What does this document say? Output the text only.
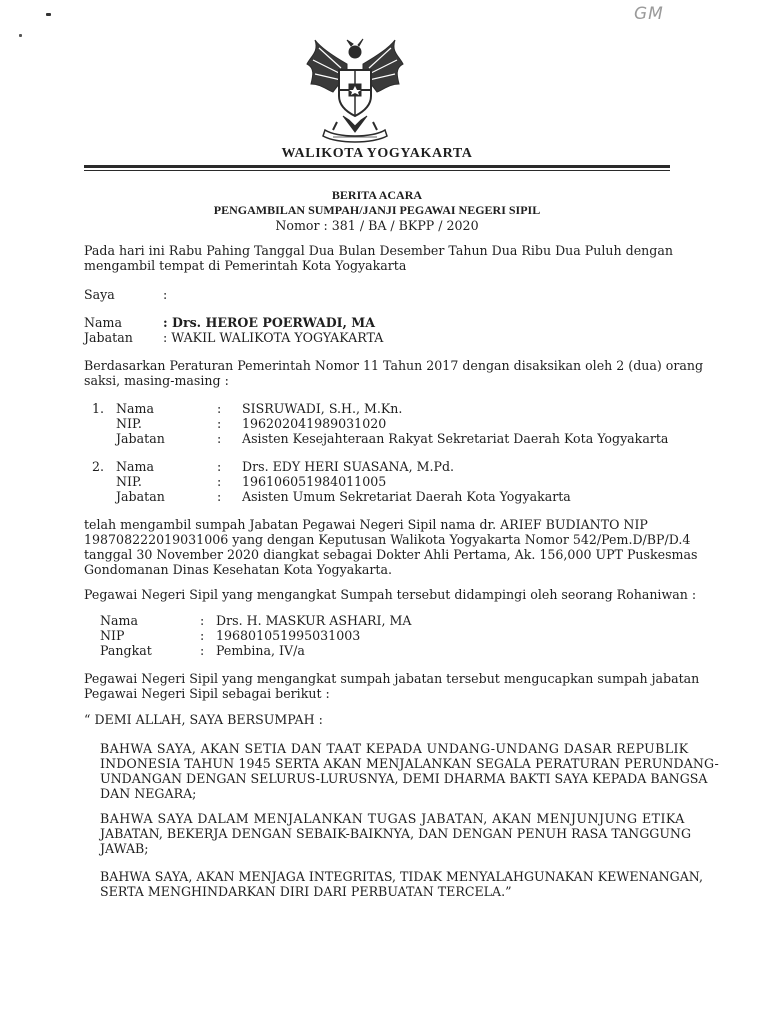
GM
WALIKOTA YOGYAKARTA
BERITA ACARA
PENGAMBILAN SUMPAH/JANJI PEGAWAI NEGERI SIPIL
Nomor : 381 / BA / BKPP / 2020
Pada hari ini Rabu Pahing Tanggal Dua Bulan Desember Tahun Dua Ribu Dua Puluh dengan
mengambil tempat di Pemerintah Kota Yogyakarta
Saya	:
Nama	: Drs. HEROE POERWADI, MA
Jabatan : WAKIL WALIKOTA YOGYAKARTA
Berdasarkan Peraturan Pemerintah Nomor 11 Tahun 2017 dengan disaksikan oleh 2 (dua) orang
saksi, masing-masing :
1. Nama	: SISRUWADI, S.H., M.Kn.
NIP.	: 196202041989031020
Jabatan	: Asisten Kesejahteraan Rakyat Sekretariat Daerah Kota Yogyakarta
2. Nama	: Drs. EDY HERI SUASANA, M.Pd.
NIP.	: 196106051984011005
Jabatan	: Asisten Umum Sekretariat Daerah Kota Yogyakarta
telah mengambil sumpah Jabatan Pegawai Negeri Sipil nama dr. ARIEF BUDIANTO NIP
198708222019031006 yang dengan Keputusan Walikota Yogyakarta Nomor 542/Pem.D/BP/D.4
tanggal 30 November 2020 diangkat sebagai Dokter Ahli Pertama, Ak. 156,000 UPT Puskesmas
Gondomanan Dinas Kesehatan Kota Yogyakarta.
Pegawai Negeri Sipil yang mengangkat Sumpah tersebut didampingi oleh seorang Rohaniwan :
Nama	: Drs. H. MASKUR ASHARI, MA
NIP	: 196801051995031003
Pangkat	: Pembina, IV/a
Pegawai Negeri Sipil yang mengangkat sumpah jabatan tersebut mengucapkan sumpah jabatan
Pegawai Negeri Sipil sebagai berikut :
“ DEMI ALLAH, SAYA BERSUMPAH :
BAHWA SAYA, AKAN SETIA DAN TAAT KEPADA UNDANG-UNDANG DASAR REPUBLIK
INDONESIA TAHUN 1945 SERTA AKAN MENJALANKAN SEGALA PERATURAN PERUNDANG-
UNDANGAN DENGAN SELURUS-LURUSNYA, DEMI DHARMA BAKTI SAYA KEPADA BANGSA
DAN NEGARA;
BAHWA SAYA DALAM MENJALANKAN TUGAS JABATAN, AKAN MENJUNJUNG ETIKA
JABATAN, BEKERJA DENGAN SEBAIK-BAIKNYA, DAN DENGAN PENUH RASA TANGGUNG
JAWAB;
BAHWA SAYA, AKAN MENJAGA INTEGRITAS, TIDAK MENYALAHGUNAKAN KEWENANGAN,
SERTA MENGHINDARKAN DIRI DARI PERBUATAN TERCELA.”
